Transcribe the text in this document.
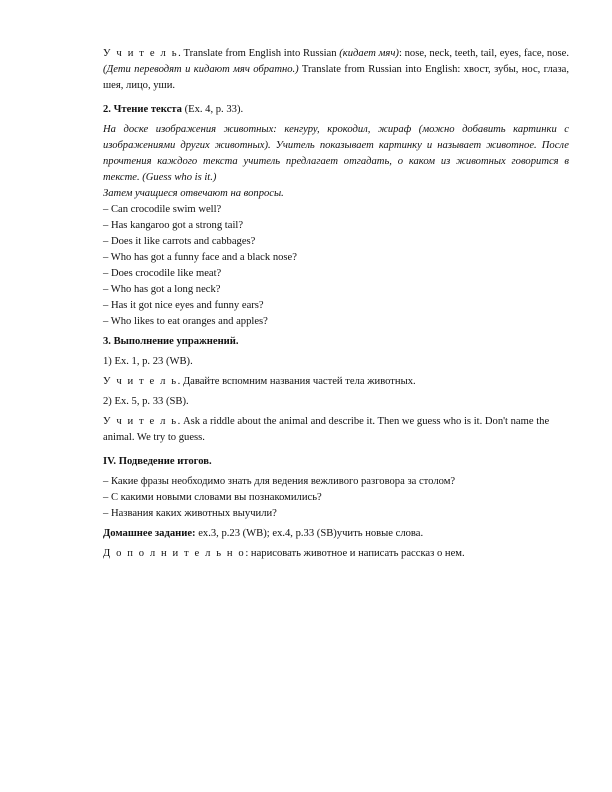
У ч и т е л ь. Translate from English into Russian (кидает мяч): nose, neck, teeth, tail, eyes, face, nose. (Дети переводят и кидают мяч обратно.) Translate from Russian into English: хвост, зубы, нос, глаза, шея, лицо, уши.

2. Чтение текста (Ex. 4, p. 33).

На доске изображения животных: кенгуру, крокодил, жираф (можно добавить картинки с изображениями других животных). Учитель показывает картинку и называет животное. После прочтения каждого текста учитель предлагает отгадать, о каком из животных говорится в тексте. (Guess who is it.)

Затем учащиеся отвечают на вопросы.

– Can crocodile swim well?
– Has kangaroo got a strong tail?
– Does it like carrots and cabbages?
– Who has got a funny face and a black nose?
– Does crocodile like meat?
– Who has got a long neck?
– Has it got nice eyes and funny ears?
– Who likes to eat oranges and apples?

3. Выполнение упражнений.

1) Ex. 1, p. 23 (WB).

У ч и т е л ь. Давайте вспомним названия частей тела животных.

2) Ex. 5, p. 33 (SB).

У ч и т е л ь. Ask a riddle about the animal and describe it. Then we guess who is it. Don't name the animal. We try to guess.

IV. Подведение итогов.

– Какие фразы необходимо знать для ведения вежливого разговора за столом?
– С какими новыми словами вы познакомились?
– Названия каких животных выучили?

Домашнее задание: ex.3, p.23 (WB); ex.4, p.33 (SB)учить новые слова.

Д о п о л н и т е л ь н о: нарисовать животное и написать рассказ о нем.
